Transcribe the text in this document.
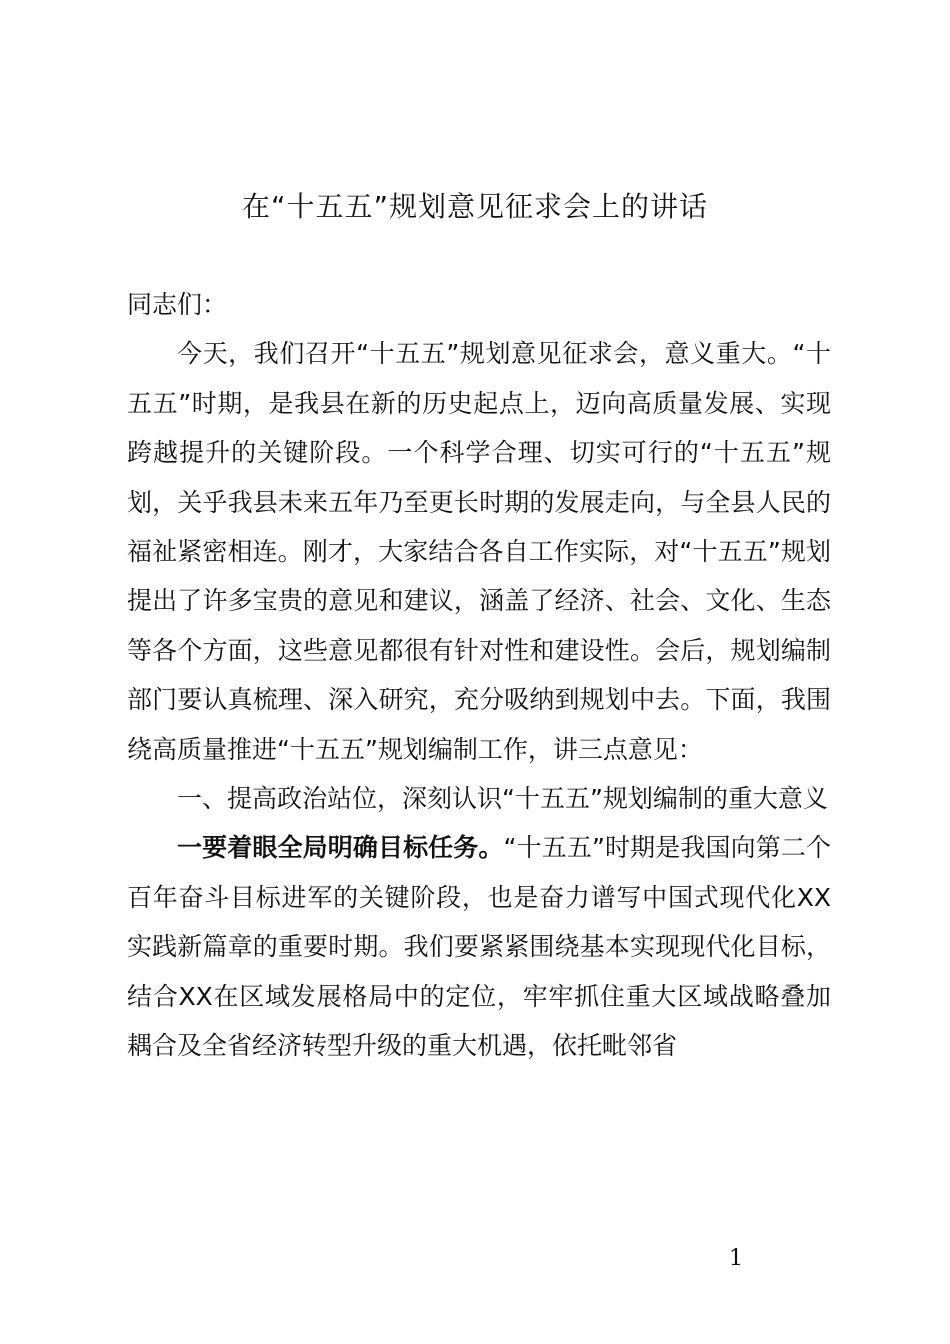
在“十五五”规划意见征求会上的讲话

同志们：

今天，我们召开“十五五”规划意见征求会，意义重大。“十五五”时期，是我县在新的历史起点上，迈向高质量发展、实现跨越提升的关键阶段。一个科学合理、切实可行的“十五五”规划，关乎我县未来五年乃至更长时期的发展走向，与全县人民的福祉紧密相连。刚才，大家结合各自工作实际，对“十五五”规划提出了许多宝贵的意见和建议，涵盖了经济、社会、文化、生态等各个方面，这些意见都很有针对性和建设性。会后，规划编制部门要认真梳理、深入研究，充分吸纳到规划中去。下面，我围绕高质量推进“十五五”规划编制工作，讲三点意见：

一、提高政治站位，深刻认识“十五五”规划编制的重大意义

一要着眼全局明确目标任务。“十五五”时期是我国向第二个百年奋斗目标进军的关键阶段，也是奋力谱写中国式现代化XX实践新篇章的重要时期。我们要紧紧围绕基本实现现代化目标，结合XX在区域发展格局中的定位，牢牢抓住重大区域战略叠加耦合及全省经济转型升级的重大机遇，依托毗邻省

1
